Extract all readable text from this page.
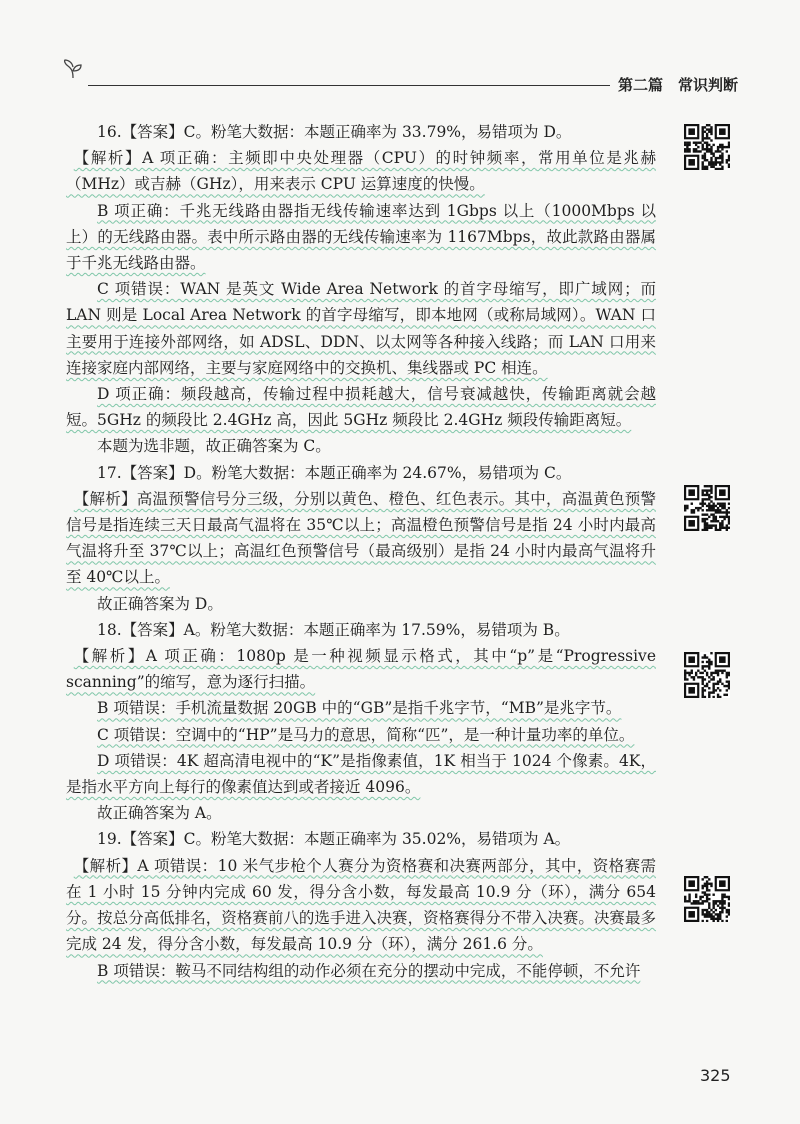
第二篇　常识判断

16.【答案】C。粉笔大数据：本题正确率为 33.79%，易错项为 D。

【解析】A 项正确：主频即中央处理器（CPU）的时钟频率，常用单位是兆赫（MHz）或吉赫（GHz），用来表示 CPU 运算速度的快慢。

B 项正确：千兆无线路由器指无线传输速率达到 1Gbps 以上（1000Mbps 以上）的无线路由器。表中所示路由器的无线传输速率为 1167Mbps，故此款路由器属于千兆无线路由器。

C 项错误：WAN 是英文 Wide Area Network 的首字母缩写，即广域网；而 LAN 则是 Local Area Network 的首字母缩写，即本地网（或称局域网）。WAN 口主要用于连接外部网络，如 ADSL、DDN、以太网等各种接入线路；而 LAN 口用来连接家庭内部网络，主要与家庭网络中的交换机、集线器或 PC 相连。

D 项正确：频段越高，传输过程中损耗越大，信号衰减越快，传输距离就会越短。5GHz 的频段比 2.4GHz 高，因此 5GHz 频段比 2.4GHz 频段传输距离短。

本题为选非题，故正确答案为 C。

17.【答案】D。粉笔大数据：本题正确率为 24.67%，易错项为 C。

【解析】高温预警信号分三级，分别以黄色、橙色、红色表示。其中，高温黄色预警信号是指连续三天日最高气温将在 35℃以上；高温橙色预警信号是指 24 小时内最高气温将升至 37℃以上；高温红色预警信号（最高级别）是指 24 小时内最高气温将升至 40℃以上。

故正确答案为 D。

18.【答案】A。粉笔大数据：本题正确率为 17.59%，易错项为 B。

【解析】A 项正确：1080p 是一种视频显示格式，其中“p”是“Progressive scanning”的缩写，意为逐行扫描。

B 项错误：手机流量数据 20GB 中的“GB”是指千兆字节，“MB”是兆字节。

C 项错误：空调中的“HP”是马力的意思，简称“匹”，是一种计量功率的单位。

D 项错误：4K 超高清电视中的“K”是指像素值，1K 相当于 1024 个像素。4K，是指水平方向上每行的像素值达到或者接近 4096。

故正确答案为 A。

19.【答案】C。粉笔大数据：本题正确率为 35.02%，易错项为 A。

【解析】A 项错误：10 米气步枪个人赛分为资格赛和决赛两部分，其中，资格赛需在 1 小时 15 分钟内完成 60 发，得分含小数，每发最高 10.9 分（环），满分 654 分。按总分高低排名，资格赛前八的选手进入决赛，资格赛得分不带入决赛。决赛最多完成 24 发，得分含小数，每发最高 10.9 分（环），满分 261.6 分。

B 项错误：鞍马不同结构组的动作必须在充分的摆动中完成，不能停顿，不允许

325
